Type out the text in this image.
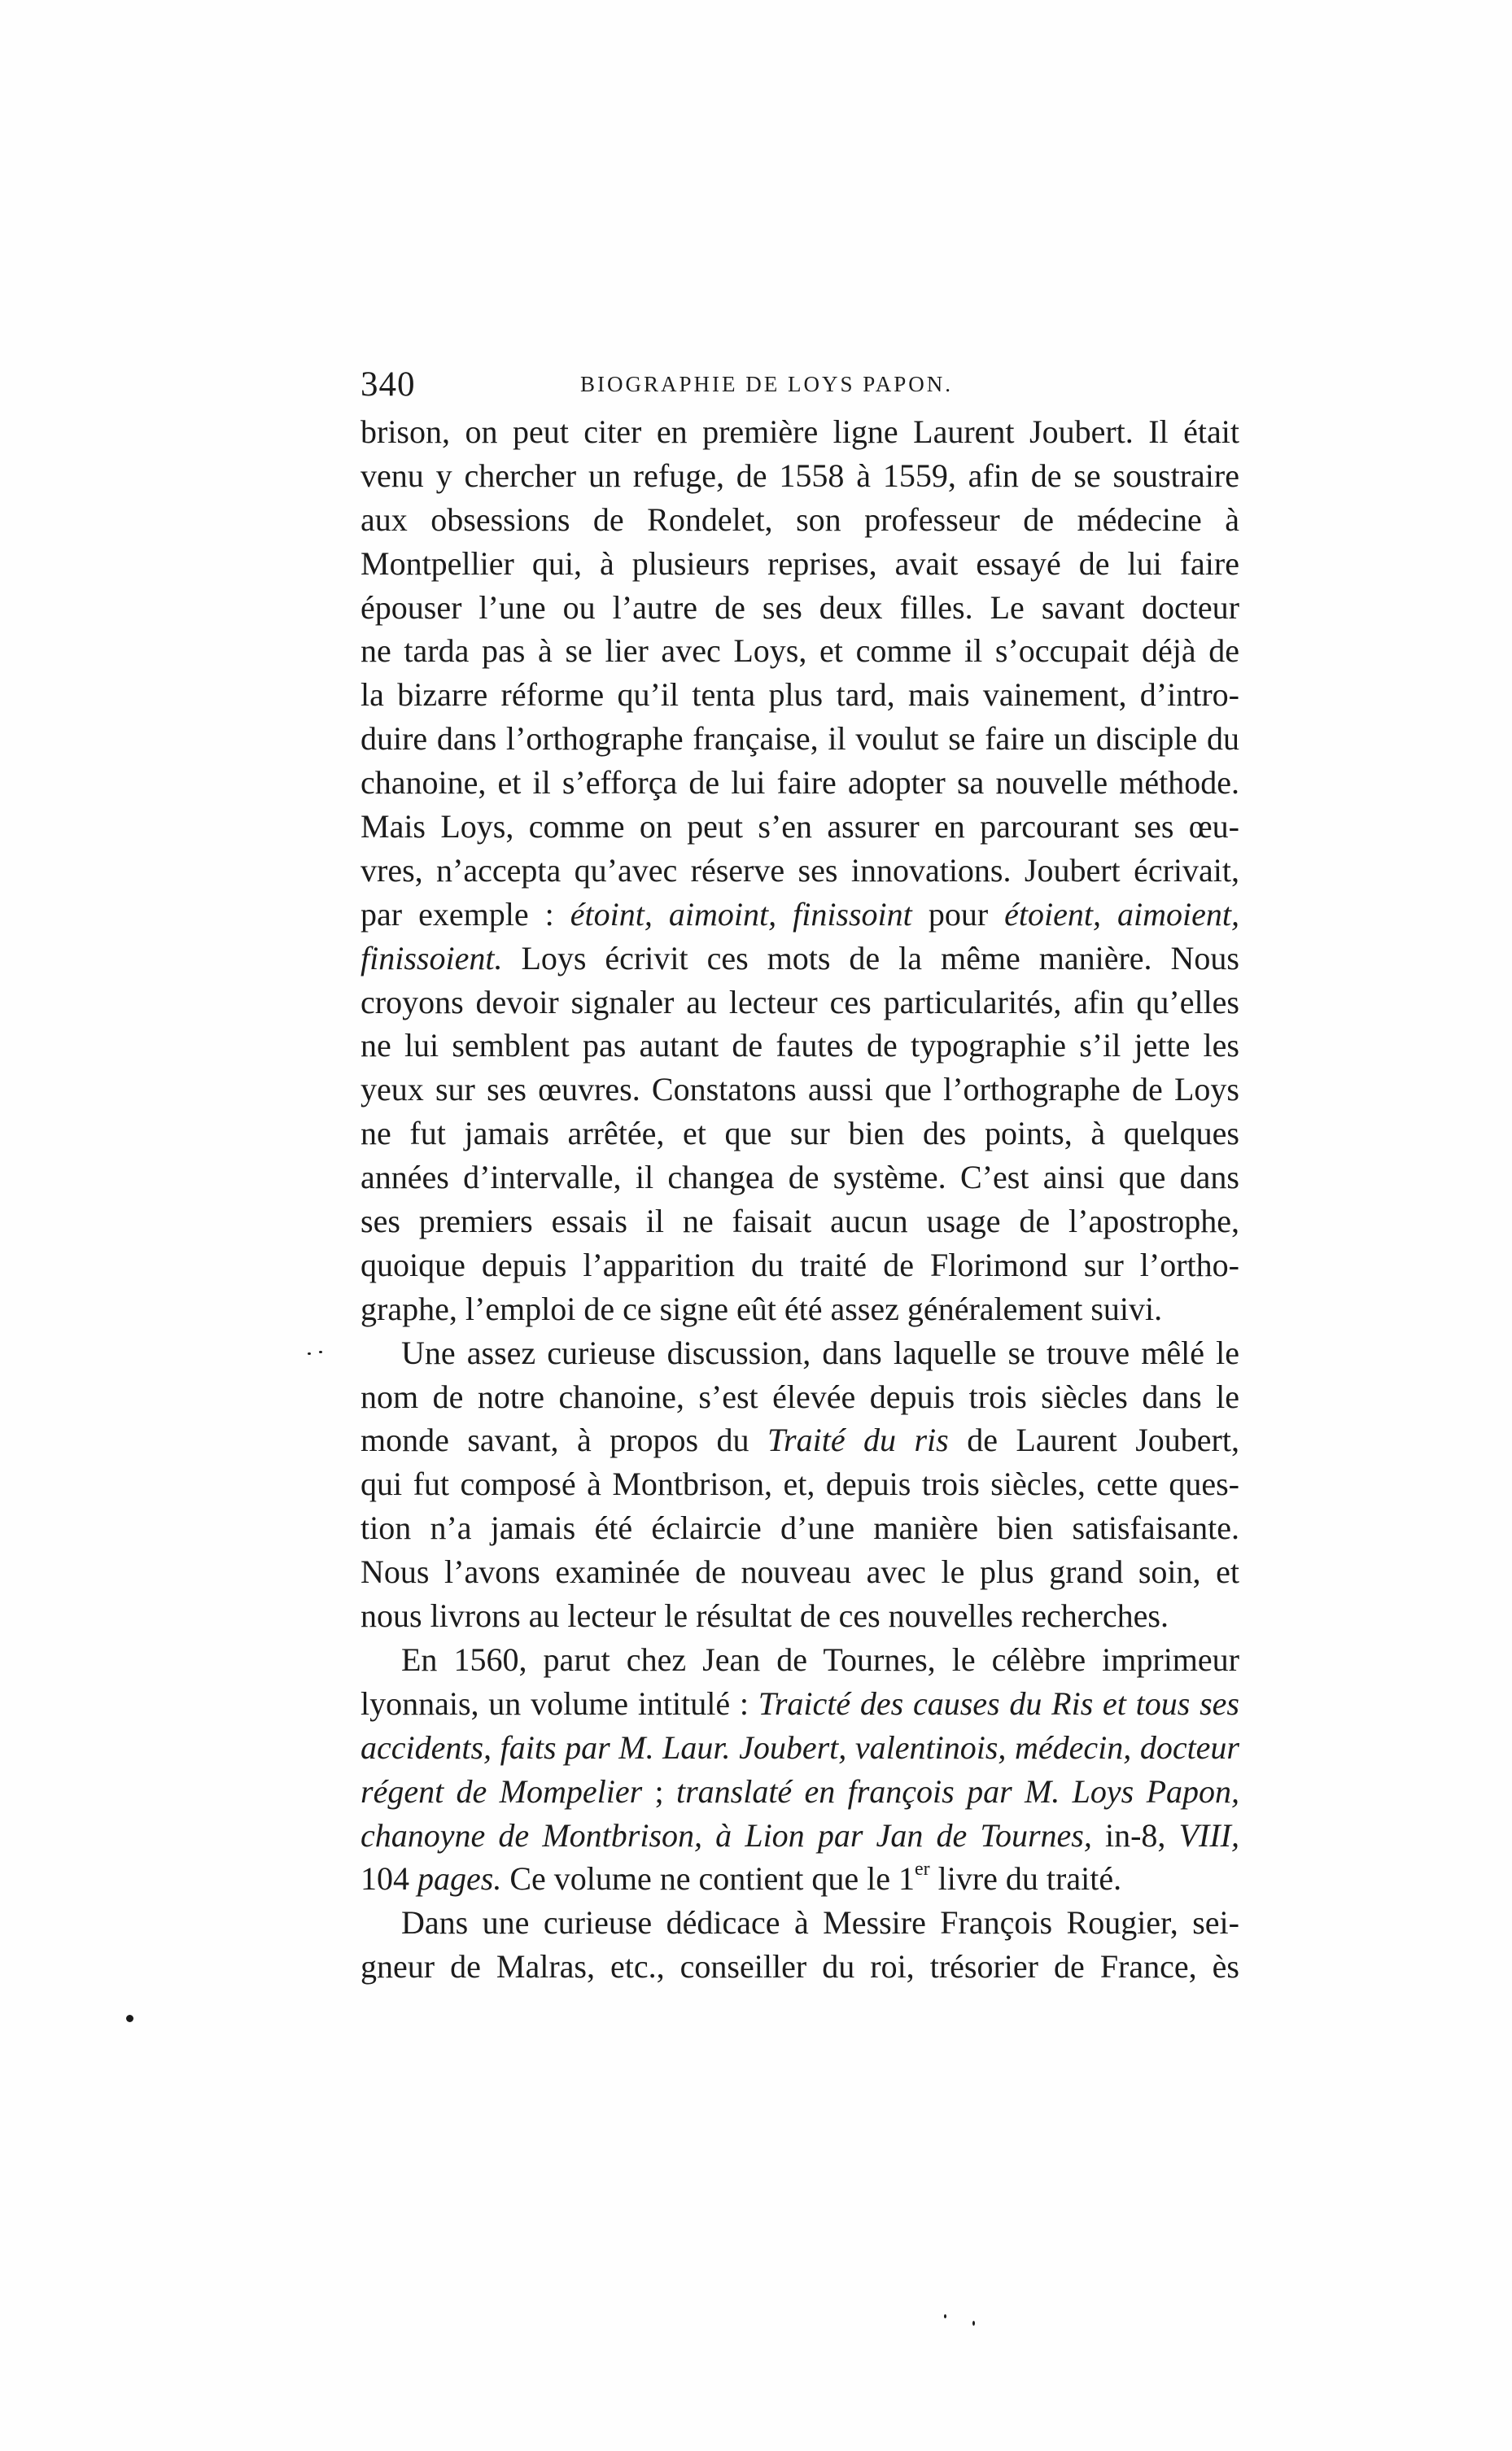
340	BIOGRAPHIE DE LOYS PAPON.
brison, on peut citer en première ligne Laurent Joubert. Il était
venu y chercher un refuge, de 1558 à 1559, afin de se soustraire
aux obsessions de Rondelet, son professeur de médecine à
Montpellier qui, à plusieurs reprises, avait essayé de lui faire
épouser l’une ou l’autre de ses deux filles. Le savant docteur
ne tarda pas à se lier avec Loys, et comme il s’occupait déjà de
la bizarre réforme qu’il tenta plus tard, mais vainement, d’intro-
duire dans l’orthographe française, il voulut se faire un disciple du
chanoine, et il s’efforça de lui faire adopter sa nouvelle méthode.
Mais Loys, comme on peut s’en assurer en parcourant ses œu-
vres, n’accepta qu’avec réserve ses innovations. Joubert écrivait,
par exemple : étoint, aimoint, finissoint pour étoient, aimoient,
finissoient. Loys écrivit ces mots de la même manière. Nous
croyons devoir signaler au lecteur ces particularités, afin qu’elles
ne lui semblent pas autant de fautes de typographie s’il jette les
yeux sur ses œuvres. Constatons aussi que l’orthographe de Loys
ne fut jamais arrêtée, et que sur bien des points, à quelques
années d’intervalle, il changea de système. C’est ainsi que dans
ses premiers essais il ne faisait aucun usage de l’apostrophe,
quoique depuis l’apparition du traité de Florimond sur l’ortho-
graphe, l’emploi de ce signe eût été assez généralement suivi.
Une assez curieuse discussion, dans laquelle se trouve mêlé le
nom de notre chanoine, s’est élevée depuis trois siècles dans le
monde savant, à propos du Traité du ris de Laurent Joubert,
qui fut composé à Montbrison, et, depuis trois siècles, cette ques-
tion n’a jamais été éclaircie d’une manière bien satisfaisante.
Nous l’avons examinée de nouveau avec le plus grand soin, et
nous livrons au lecteur le résultat de ces nouvelles recherches.
En 1560, parut chez Jean de Tournes, le célèbre imprimeur
lyonnais, un volume intitulé : Traicté des causes du Ris et tous ses
accidents, faits par M. Laur. Joubert, valentinois, médecin, docteur
régent de Mompelier ; translaté en françois par M. Loys Papon,
chanoyne de Montbrison, à Lion par Jan de Tournes, in-8, VIII,
104 pages. Ce volume ne contient que le 1er livre du traité.
Dans une curieuse dédicace à Messire François Rougier, sei-
gneur de Malras, etc., conseiller du roi, trésorier de France, ès
